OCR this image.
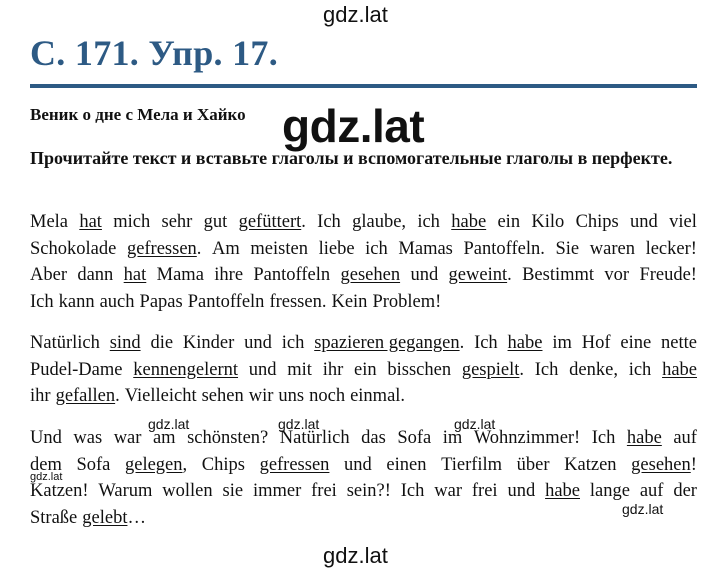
gdz.lat
С. 171. Упр. 17.

Веник о дне с Мела и Хайко gdz.lat

Прочитайте текст и вставьте глаголы и вспомогательные глаголы в перфекте.

Mela hat mich sehr gut gefüttert. Ich glaube, ich habe ein Kilo Chips und viel
Schokolade gefressen. Am meisten liebe ich Mamas Pantoffeln. Sie waren lecker!
Aber dann hat Mama ihre Pantoffeln gesehen und geweint. Bestimmt vor Freude!
Ich kann auch Papas Pantoffeln fressen. Kein Problem!
Natürlich sind die Kinder und ich spazieren gegangen. Ich habe im Hof eine nette
Pudel-Dame kennengelernt und mit ihr ein bisschen gespielt. Ich denke, ich habe
ihr gefallen. Vielleicht sehen wir uns noch einmal.
Und was war am schönsten? Natürlich das Sofa im Wohnzimmer! Ich habe auf
dem Sofa gelegen, Chips gefressen und einen Tierfilm über Katzen gesehen!
Katzen! Warum wollen sie immer frei sein?! Ich war frei und habe lange auf der
Straße gelebt…
gdz.lat	gdz.lat	gdz.lat
gdz.lat
gdz.lat
gdz.lat
